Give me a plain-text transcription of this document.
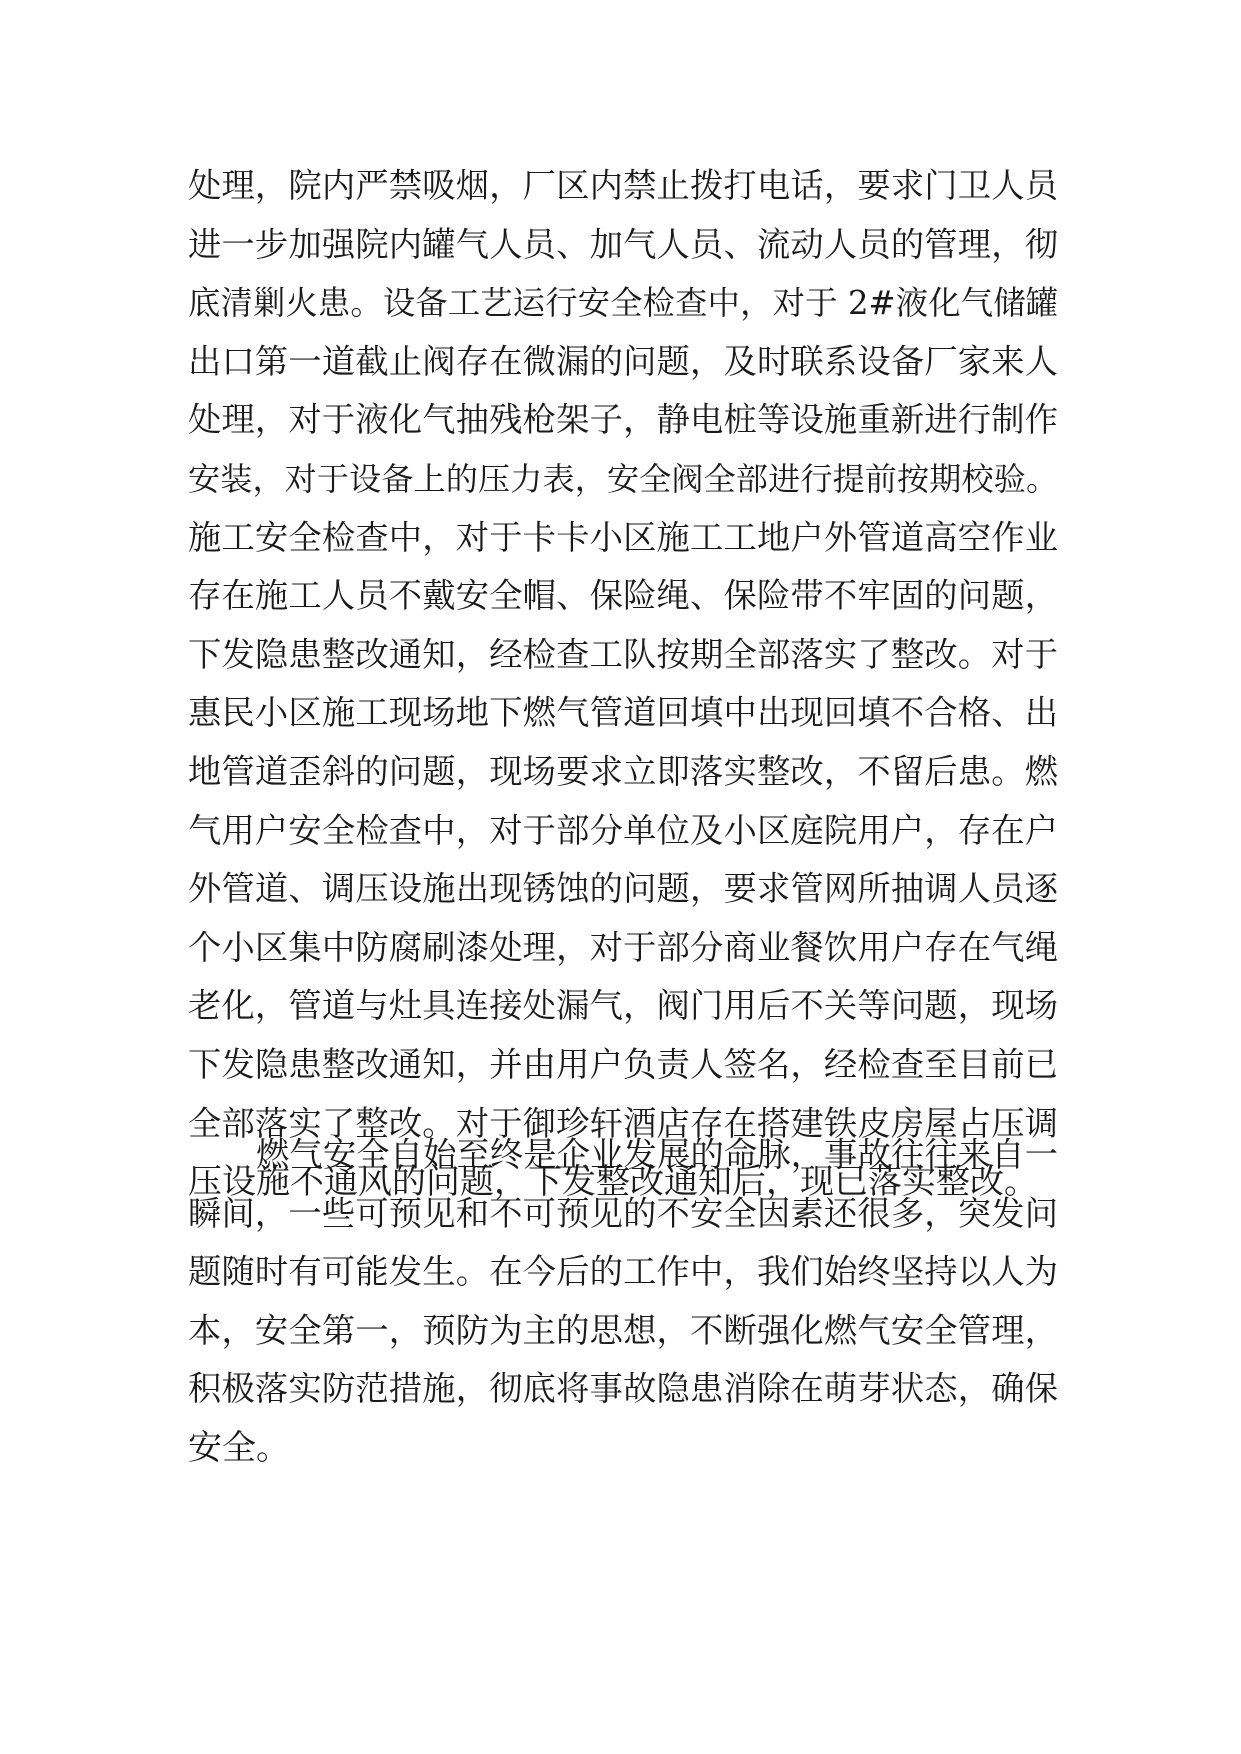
处理，院内严禁吸烟，厂区内禁止拨打电话，要求门卫人员
进一步加强院内罐气人员、加气人员、流动人员的管理，彻
底清剿火患。设备工艺运行安全检查中，对于 2#液化气储罐
出口第一道截止阀存在微漏的问题，及时联系设备厂家来人
处理，对于液化气抽残枪架子，静电桩等设施重新进行制作
安装，对于设备上的压力表，安全阀全部进行提前按期校验。
施工安全检查中，对于卡卡小区施工工地户外管道高空作业
存在施工人员不戴安全帽、保险绳、保险带不牢固的问题，
下发隐患整改通知，经检查工队按期全部落实了整改。对于
惠民小区施工现场地下燃气管道回填中出现回填不合格、出
地管道歪斜的问题，现场要求立即落实整改，不留后患。燃
气用户安全检查中，对于部分单位及小区庭院用户，存在户
外管道、调压设施出现锈蚀的问题，要求管网所抽调人员逐
个小区集中防腐刷漆处理，对于部分商业餐饮用户存在气绳
老化，管道与灶具连接处漏气，阀门用后不关等问题，现场
下发隐患整改通知，并由用户负责人签名，经检查至目前已
全部落实了整改。对于御珍轩酒店存在搭建铁皮房屋占压调
压设施不通风的问题，下发整改通知后，现已落实整改。
燃气安全自始至终是企业发展的命脉，事故往往来自一
瞬间，一些可预见和不可预见的不安全因素还很多，突发问
题随时有可能发生。在今后的工作中，我们始终坚持以人为
本，安全第一，预防为主的思想，不断强化燃气安全管理，
积极落实防范措施，彻底将事故隐患消除在萌芽状态，确保
安全。
